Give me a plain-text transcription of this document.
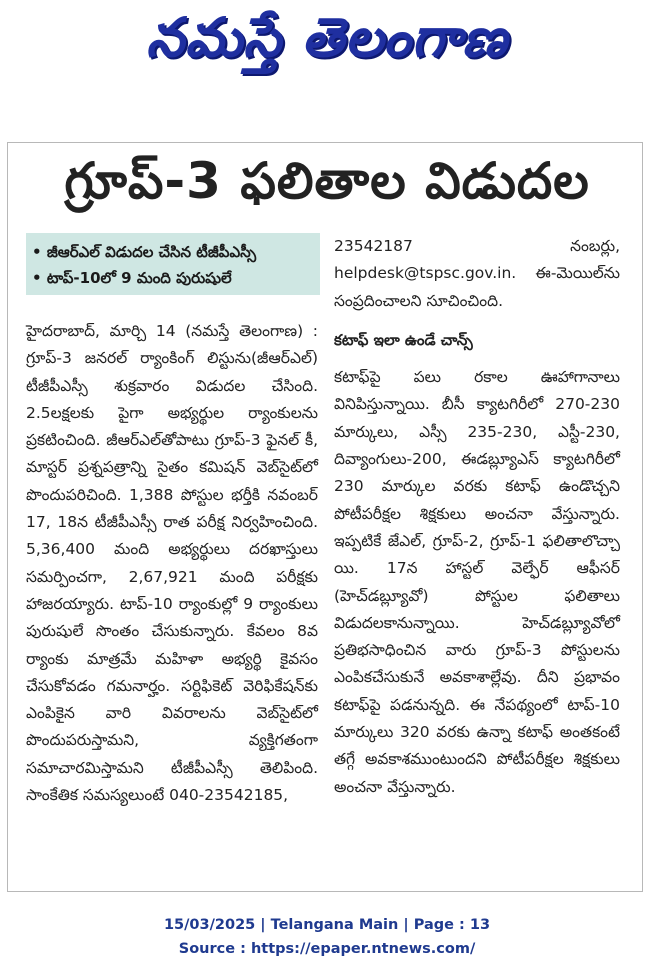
నమస్తే తెలంగాణ
గ్రూప్-3 ఫలితాల విడుదల
• జీఆర్ఎల్ విడుదల చేసిన టీజీపీఎస్సీ
• టాప్-10లో 9 మంది పురుషులే

హైదరాబాద్, మార్చి 14 (నమస్తే తెలంగాణ) : గ్రూప్-3 జనరల్ ర్యాంకింగ్ లిస్టును(జీఆర్ఎల్) టీజీపీఎస్సీ శుక్రవారం విడుదల చేసింది. 2.5లక్షలకు పైగా అభ్యర్థుల ర్యాంకులను ప్రకటించింది. జీఆర్ఎల్‌తోపాటు గ్రూప్-3 ఫైనల్ కీ, మాస్టర్ ప్రశ్నపత్రాన్ని సైతం కమిషన్ వెబ్‌సైట్‌లో పొందుపరిచింది. 1,388 పోస్టుల భర్తీకి నవంబర్ 17, 18న టీజీపీఎస్సీ రాత పరీక్ష నిర్వహించింది. 5,36,400 మంది అభ్యర్థులు దరఖాస్తులు సమర్పించగా, 2,67,921 మంది పరీక్షకు హాజరయ్యారు. టాప్-10 ర్యాంకుల్లో 9 ర్యాంకులు పురుషులే సొంతం చేసుకున్నారు. కేవలం 8వ ర్యాంకు మాత్రమే మహిళా అభ్యర్థి కైవసం చేసుకోవడం గమనార్హం. సర్టిఫికెట్ వెరిఫికేషన్‌కు ఎంపికైన వారి వివరాలను వెబ్‌సైట్‌లో పొందుపరుస్తామని, వ్యక్తిగతంగా సమాచారమిస్తామని టీజీపీఎస్సీ తెలిపింది. సాంకేతిక సమస్యలుంటే 040-23542185,

23542187 నంబర్లు, helpdesk@tspsc.gov.in. ఈ-మెయిల్‌ను సంప్రదించాలని సూచించింది.

కటాఫ్ ఇలా ఉండే చాన్స్

కటాఫ్‌పై పలు రకాల ఊహాగానాలు వినిపిస్తున్నాయి. బీసీ క్యాటగిరీలో 270-230 మార్కులు, ఎస్సీ 235-230, ఎస్టీ-230, దివ్యాంగులు-200, ఈడబ్ల్యూఎస్ క్యాటగిరీలో 230 మార్కుల వరకు కటాఫ్ ఉండొచ్చని పోటీపరీక్షల శిక్షకులు అంచనా వేస్తున్నారు. ఇప్పటికే జేఎల్, గ్రూప్-2, గ్రూప్-1 ఫలితాలొచ్చా యి. 17న హాస్టల్ వెల్ఫేర్ ఆఫీసర్ (హెచ్‌డబ్ల్యూవో) పోస్టుల ఫలితాలు విడుదలకానున్నాయి. హెచ్‌డబ్ల్యూవోలో ప్రతిభసాధించిన వారు గ్రూప్-3 పోస్టులను ఎంపికచేసుకునే అవకాశాల్లేవు. దీని ప్రభావం కటాఫ్‌పై పడనున్నది. ఈ నేపథ్యంలో టాప్-10 మార్కులు 320 వరకు ఉన్నా కటాఫ్ అంతకంటే తగ్గే అవకాశముంటుందని పోటీపరీక్షల శిక్షకులు అంచనా వేస్తున్నారు.

15/03/2025 | Telangana Main | Page : 13
Source : https://epaper.ntnews.com/
